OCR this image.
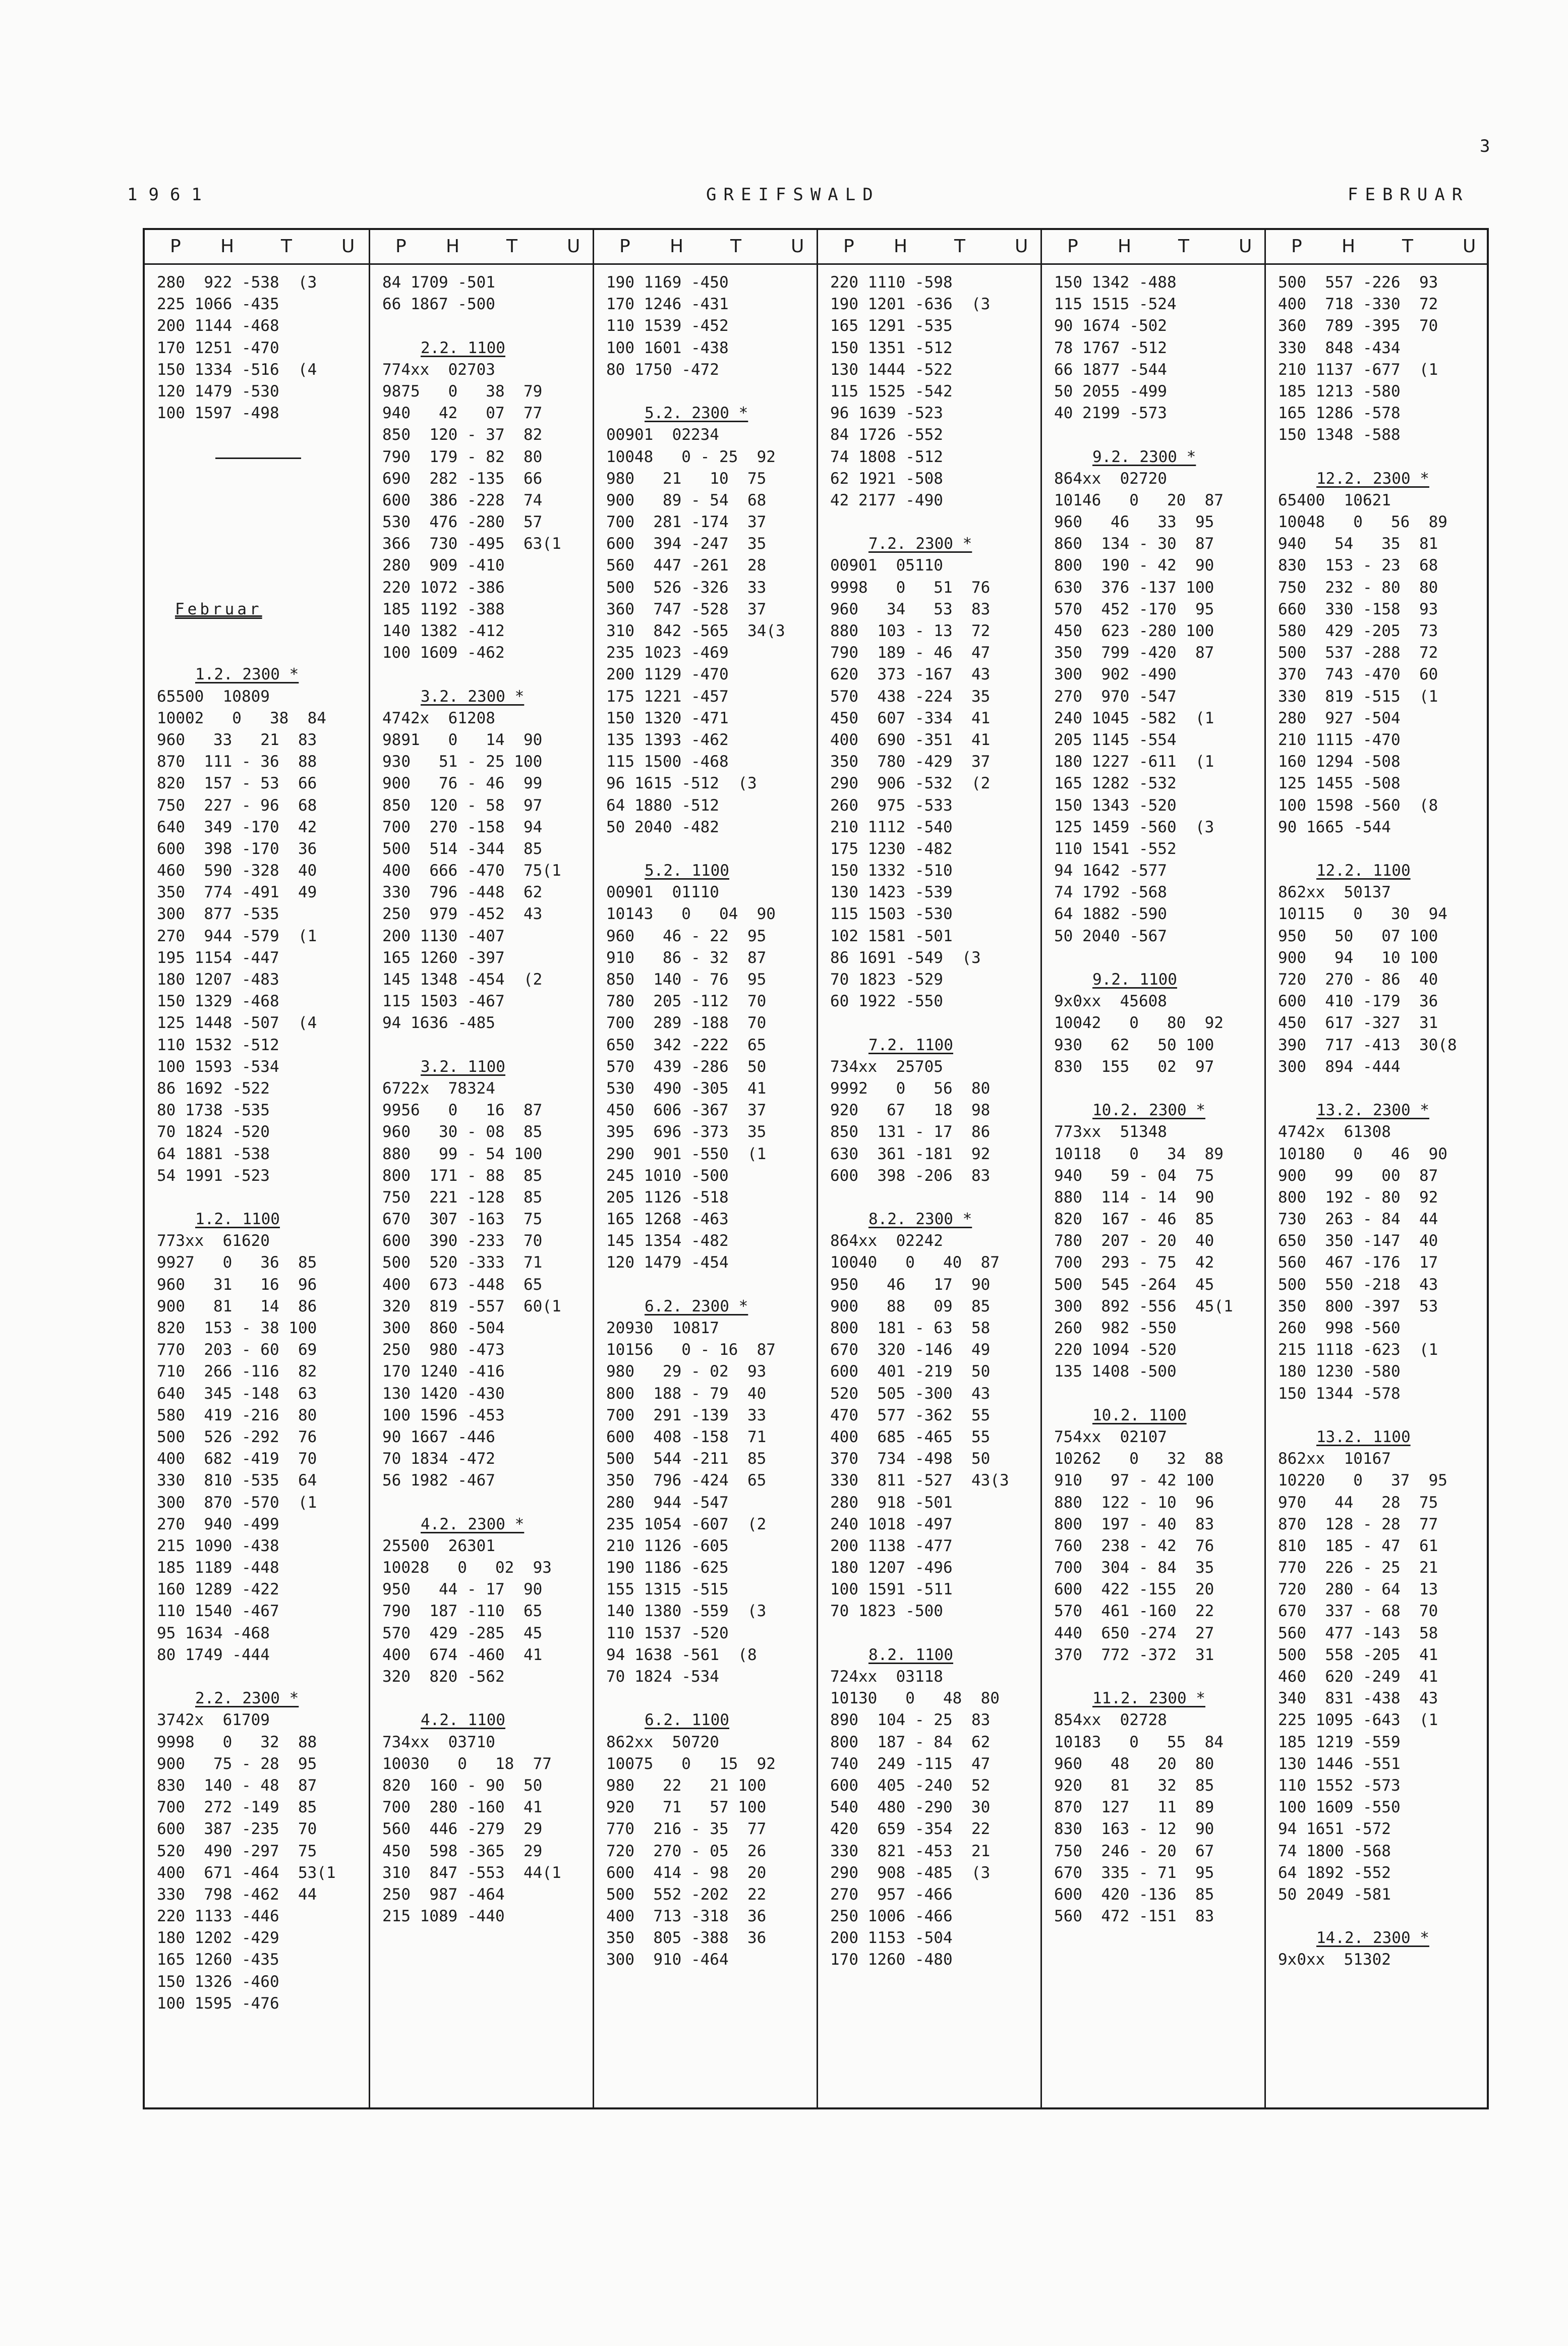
3
1961	GREIFSWALD	FEBRUAR
P H	T	U
280  922 -538  (3
225 1066 -435
200 1144 -468
170 1251 -470
150 1334 -516  (4
120 1479 -530
100 1597 -498
Februar
1.2. 2300 *
65500  10809
10002   0   38  84
960   33   21  83
870  111 - 36  88
820  157 - 53  66
750  227 - 96  68
640  349 -170  42
600  398 -170  36
460  590 -328  40
350  774 -491  49
300  877 -535
270  944 -579  (1
195 1154 -447
180 1207 -483
150 1329 -468
125 1448 -507  (4
110 1532 -512
100 1593 -534
86 1692 -522
80 1738 -535
70 1824 -520
64 1881 -538
54 1991 -523
1.2. 1100
773xx  61620
9927   0   36  85
960   31   16  96
900   81   14  86
820  153 - 38 100
770  203 - 60  69
710  266 -116  82
640  345 -148  63
580  419 -216  80
500  526 -292  76
400  682 -419  70
330  810 -535  64
300  870 -570  (1
270  940 -499
215 1090 -438
185 1189 -448
160 1289 -422
110 1540 -467
95 1634 -468
80 1749 -444
2.2. 2300 *
3742x  61709
9998   0   32  88
900   75 - 28  95
830  140 - 48  87
700  272 -149  85
600  387 -235  70
520  490 -297  75
400  671 -464  53(1
330  798 -462  44
220 1133 -446
180 1202 -429
165 1260 -435
150 1326 -460
100 1595 -476
P H	T	U
84 1709 -501
66 1867 -500
2.2. 1100
774xx  02703
9875   0   38  79
940   42   07  77
850  120 - 37  82
790  179 - 82  80
690  282 -135  66
600  386 -228  74
530  476 -280  57
366  730 -495  63(1
280  909 -410
220 1072 -386
185 1192 -388
140 1382 -412
100 1609 -462
3.2. 2300 *
4742x  61208
9891   0   14  90
930   51 - 25 100
900   76 - 46  99
850  120 - 58  97
700  270 -158  94
500  514 -344  85
400  666 -470  75(1
330  796 -448  62
250  979 -452  43
200 1130 -407
165 1260 -397
145 1348 -454  (2
115 1503 -467
94 1636 -485
3.2. 1100
6722x  78324
9956   0   16  87
960   30 - 08  85
880   99 - 54 100
800  171 - 88  85
750  221 -128  85
670  307 -163  75
600  390 -233  70
500  520 -333  71
400  673 -448  65
320  819 -557  60(1
300  860 -504
250  980 -473
170 1240 -416
130 1420 -430
100 1596 -453
90 1667 -446
70 1834 -472
56 1982 -467
4.2. 2300 *
25500  26301
10028   0   02  93
950   44 - 17  90
790  187 -110  65
570  429 -285  45
400  674 -460  41
320  820 -562
4.2. 1100
734xx  03710
10030   0   18  77
820  160 - 90  50
700  280 -160  41
560  446 -279  29
450  598 -365  29
310  847 -553  44(1
250  987 -464
215 1089 -440
P H	T	U
190 1169 -450
170 1246 -431
110 1539 -452
100 1601 -438
80 1750 -472
5.2. 2300 *
00901  02234
10048   0 - 25  92
980   21   10  75
900   89 - 54  68
700  281 -174  37
600  394 -247  35
560  447 -261  28
500  526 -326  33
360  747 -528  37
310  842 -565  34(3
235 1023 -469
200 1129 -470
175 1221 -457
150 1320 -471
135 1393 -462
115 1500 -468
96 1615 -512  (3
64 1880 -512
50 2040 -482
5.2. 1100
00901  01110
10143   0   04  90
960   46 - 22  95
910   86 - 32  87
850  140 - 76  95
780  205 -112  70
700  289 -188  70
650  342 -222  65
570  439 -286  50
530  490 -305  41
450  606 -367  37
395  696 -373  35
290  901 -550  (1
245 1010 -500
205 1126 -518
165 1268 -463
145 1354 -482
120 1479 -454
6.2. 2300 *
20930  10817
10156   0 - 16  87
980   29 - 02  93
800  188 - 79  40
700  291 -139  33
600  408 -158  71
500  544 -211  85
350  796 -424  65
280  944 -547
235 1054 -607  (2
210 1126 -605
190 1186 -625
155 1315 -515
140 1380 -559  (3
110 1537 -520
94 1638 -561  (8
70 1824 -534
6.2. 1100
862xx  50720
10075   0   15  92
980   22   21 100
920   71   57 100
770  216 - 35  77
720  270 - 05  26
600  414 - 98  20
500  552 -202  22
400  713 -318  36
350  805 -388  36
300  910 -464
P H	T	U
220 1110 -598
190 1201 -636  (3
165 1291 -535
150 1351 -512
130 1444 -522
115 1525 -542
96 1639 -523
84 1726 -552
74 1808 -512
62 1921 -508
42 2177 -490
7.2. 2300 *
00901  05110
9998   0   51  76
960   34   53  83
880  103 - 13  72
790  189 - 46  47
620  373 -167  43
570  438 -224  35
450  607 -334  41
400  690 -351  41
350  780 -429  37
290  906 -532  (2
260  975 -533
210 1112 -540
175 1230 -482
150 1332 -510
130 1423 -539
115 1503 -530
102 1581 -501
86 1691 -549  (3
70 1823 -529
60 1922 -550
7.2. 1100
734xx  25705
9992   0   56  80
920   67   18  98
850  131 - 17  86
630  361 -181  92
600  398 -206  83
8.2. 2300 *
864xx  02242
10040   0   40  87
950   46   17  90
900   88   09  85
800  181 - 63  58
670  320 -146  49
600  401 -219  50
520  505 -300  43
470  577 -362  55
400  685 -465  55
370  734 -498  50
330  811 -527  43(3
280  918 -501
240 1018 -497
200 1138 -477
180 1207 -496
100 1591 -511
70 1823 -500
8.2. 1100
724xx  03118
10130   0   48  80
890  104 - 25  83
800  187 - 84  62
740  249 -115  47
600  405 -240  52
540  480 -290  30
420  659 -354  22
330  821 -453  21
290  908 -485  (3
270  957 -466
250 1006 -466
200 1153 -504
170 1260 -480
P H	T	U
150 1342 -488
115 1515 -524
90 1674 -502
78 1767 -512
66 1877 -544
50 2055 -499
40 2199 -573
9.2. 2300 *
864xx  02720
10146   0   20  87
960   46   33  95
860  134 - 30  87
800  190 - 42  90
630  376 -137 100
570  452 -170  95
450  623 -280 100
350  799 -420  87
300  902 -490
270  970 -547
240 1045 -582  (1
205 1145 -554
180 1227 -611  (1
165 1282 -532
150 1343 -520
125 1459 -560  (3
110 1541 -552
94 1642 -577
74 1792 -568
64 1882 -590
50 2040 -567
9.2. 1100
9x0xx  45608
10042   0   80  92
930   62   50 100
830  155   02  97
10.2. 2300 *
773xx  51348
10118   0   34  89
940   59 - 04  75
880  114 - 14  90
820  167 - 46  85
780  207 - 20  40
700  293 - 75  42
500  545 -264  45
300  892 -556  45(1
260  982 -550
220 1094 -520
135 1408 -500
10.2. 1100
754xx  02107
10262   0   32  88
910   97 - 42 100
880  122 - 10  96
800  197 - 40  83
760  238 - 42  76
700  304 - 84  35
600  422 -155  20
570  461 -160  22
440  650 -274  27
370  772 -372  31
11.2. 2300 *
854xx  02728
10183   0   55  84
960   48   20  80
920   81   32  85
870  127   11  89
830  163 - 12  90
750  246 - 20  67
670  335 - 71  95
600  420 -136  85
560  472 -151  83
P H	T	U
500  557 -226  93
400  718 -330  72
360  789 -395  70
330  848 -434
210 1137 -677  (1
185 1213 -580
165 1286 -578
150 1348 -588
12.2. 2300 *
65400  10621
10048   0   56  89
940   54   35  81
830  153 - 23  68
750  232 - 80  80
660  330 -158  93
580  429 -205  73
500  537 -288  72
370  743 -470  60
330  819 -515  (1
280  927 -504
210 1115 -470
160 1294 -508
125 1455 -508
100 1598 -560  (8
90 1665 -544
12.2. 1100
862xx  50137
10115   0   30  94
950   50   07 100
900   94   10 100
720  270 - 86  40
600  410 -179  36
450  617 -327  31
390  717 -413  30(8
300  894 -444
13.2. 2300 *
4742x  61308
10180   0   46  90
900   99   00  87
800  192 - 80  92
730  263 - 84  44
650  350 -147  40
560  467 -176  17
500  550 -218  43
350  800 -397  53
260  998 -560
215 1118 -623  (1
180 1230 -580
150 1344 -578
13.2. 1100
862xx  10167
10220   0   37  95
970   44   28  75
870  128 - 28  77
810  185 - 47  61
770  226 - 25  21
720  280 - 64  13
670  337 - 68  70
560  477 -143  58
500  558 -205  41
460  620 -249  41
340  831 -438  43
225 1095 -643  (1
185 1219 -559
130 1446 -551
110 1552 -573
100 1609 -550
94 1651 -572
74 1800 -568
64 1892 -552
50 2049 -581
14.2. 2300 *
9x0xx  51302
